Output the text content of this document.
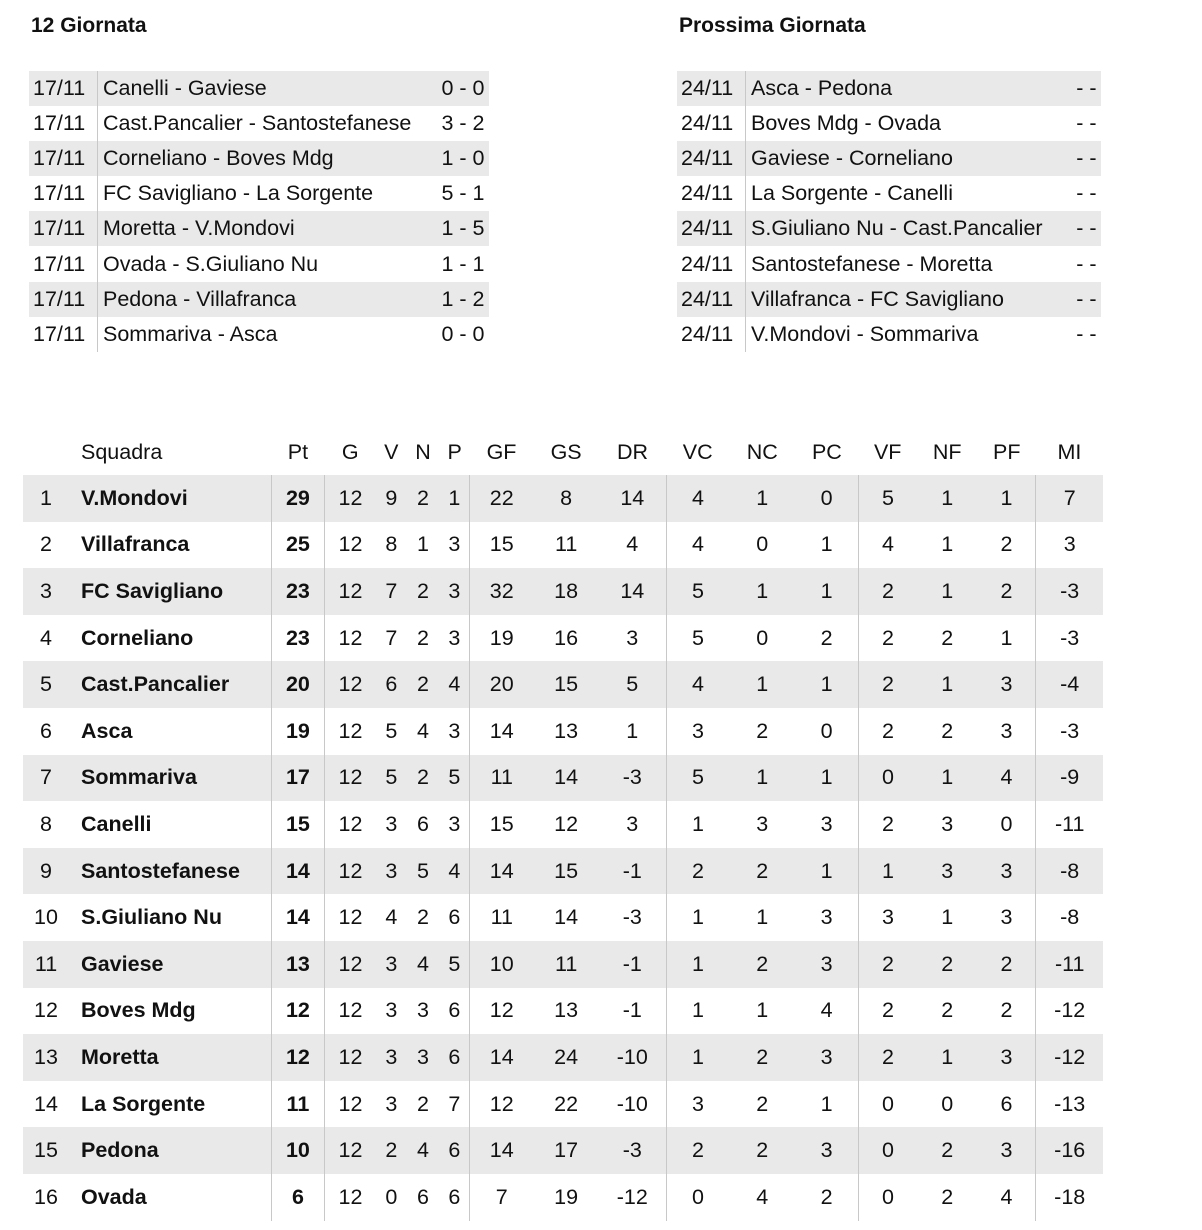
12 Giornata	Prossima Giornata
17/11	Canelli - Gaviese	0 - 0
17/11	Cast.Pancalier - Santostefanese	3 - 2
17/11	Corneliano - Boves Mdg	1 - 0
17/11	FC Savigliano - La Sorgente	5 - 1
17/11	Moretta - V.Mondovi	1 - 5
17/11	Ovada - S.Giuliano Nu	1 - 1
17/11	Pedona - Villafranca	1 - 2
17/11	Sommariva - Asca	0 - 0
24/11	Asca - Pedona	- -
24/11	Boves Mdg - Ovada	- -
24/11	Gaviese - Corneliano	- -
24/11	La Sorgente - Canelli	- -
24/11	S.Giuliano Nu - Cast.Pancalier	- -
24/11	Santostefanese - Moretta	- -
24/11	Villafranca - FC Savigliano	- -
24/11	V.Mondovi - Sommariva	- -
	Squadra	Pt	G	V	N	P	GF	GS	DR	VC	NC	PC	VF	NF	PF	MI
1	V.Mondovi	29	12	9	2	1	22	8	14	4	1	0	5	1	1	7
2	Villafranca	25	12	8	1	3	15	11	4	4	0	1	4	1	2	3
3	FC Savigliano	23	12	7	2	3	32	18	14	5	1	1	2	1	2	-3
4	Corneliano	23	12	7	2	3	19	16	3	5	0	2	2	2	1	-3
5	Cast.Pancalier	20	12	6	2	4	20	15	5	4	1	1	2	1	3	-4
6	Asca	19	12	5	4	3	14	13	1	3	2	0	2	2	3	-3
7	Sommariva	17	12	5	2	5	11	14	-3	5	1	1	0	1	4	-9
8	Canelli	15	12	3	6	3	15	12	3	1	3	3	2	3	0	-11
9	Santostefanese	14	12	3	5	4	14	15	-1	2	2	1	1	3	3	-8
10	S.Giuliano Nu	14	12	4	2	6	11	14	-3	1	1	3	3	1	3	-8
11	Gaviese	13	12	3	4	5	10	11	-1	1	2	3	2	2	2	-11
12	Boves Mdg	12	12	3	3	6	12	13	-1	1	1	4	2	2	2	-12
13	Moretta	12	12	3	3	6	14	24	-10	1	2	3	2	1	3	-12
14	La Sorgente	11	12	3	2	7	12	22	-10	3	2	1	0	0	6	-13
15	Pedona	10	12	2	4	6	14	17	-3	2	2	3	0	2	3	-16
16	Ovada	6	12	0	6	6	7	19	-12	0	4	2	0	2	4	-18
